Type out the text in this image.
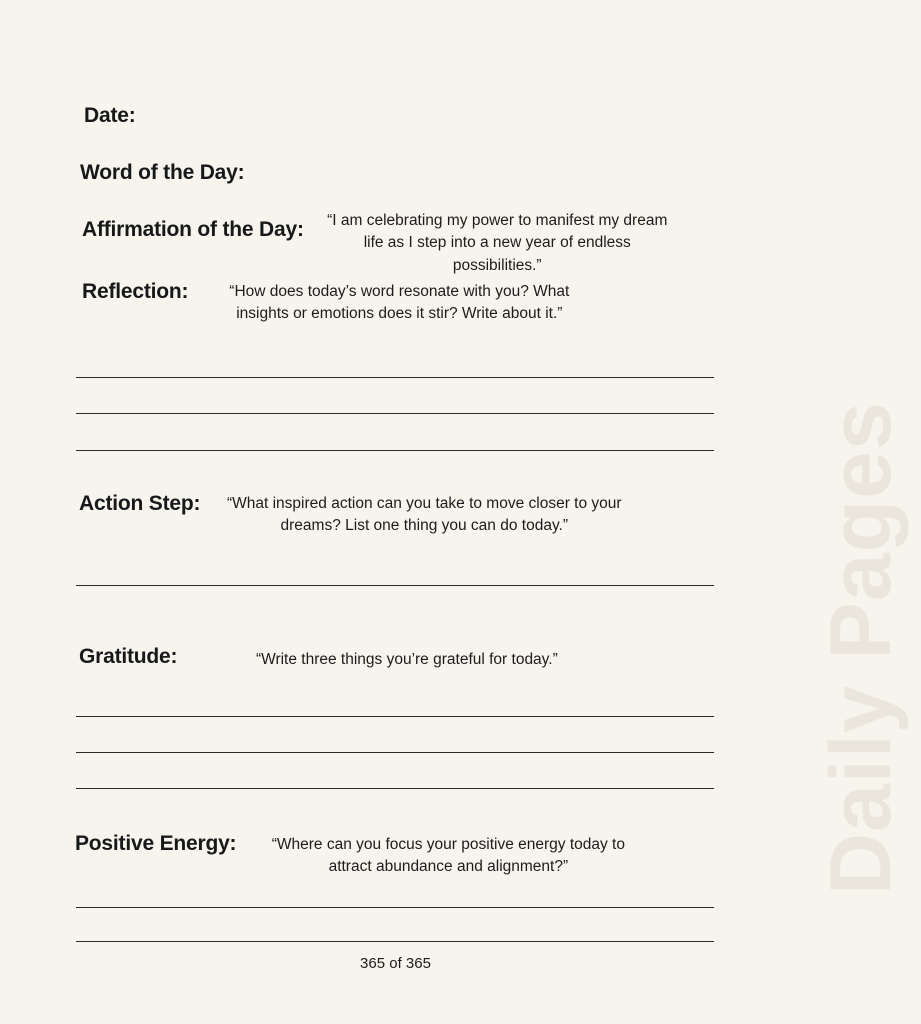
Daily Pages
Date:
Word of the Day:
Affirmation of the Day:	“I am celebrating my power to manifest my dream life as I step into a new year of endless possibilities.”
Reflection:	“How does today’s word resonate with you? What insights or emotions does it stir? Write about it.”
Action Step:	“What inspired action can you take to move closer to your dreams? List one thing you can do today.”
Gratitude:	“Write three things you’re grateful for today.”
Positive Energy:	“Where can you focus your positive energy today to attract abundance and alignment?”
365 of 365
